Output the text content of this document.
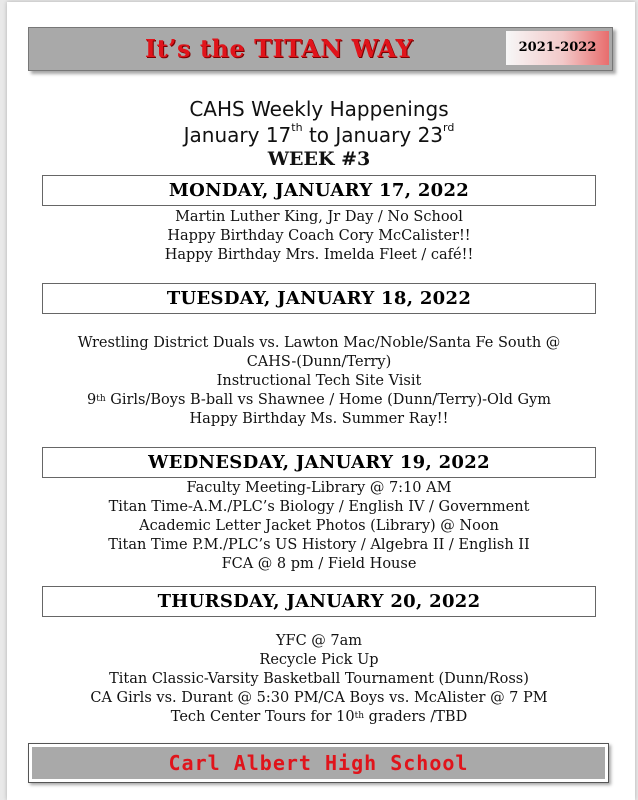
It’s the TITAN WAY	2021-2022
CAHS Weekly Happenings
January 17th to January 23rd
WEEK #3
MONDAY, JANUARY 17, 2022
Martin Luther King, Jr Day / No School
Happy Birthday Coach Cory McCalister!!
Happy Birthday Mrs. Imelda Fleet / café!!
TUESDAY, JANUARY 18, 2022
Wrestling District Duals vs. Lawton Mac/Noble/Santa Fe South @
CAHS-(Dunn/Terry)
Instructional Tech Site Visit
9th Girls/Boys B-ball vs Shawnee / Home (Dunn/Terry)-Old Gym
Happy Birthday Ms. Summer Ray!!
WEDNESDAY, JANUARY 19, 2022
Faculty Meeting-Library @ 7:10 AM
Titan Time-A.M./PLC’s Biology / English IV / Government
Academic Letter Jacket Photos (Library) @ Noon
Titan Time P.M./PLC’s US History / Algebra II / English II
FCA @ 8 pm / Field House
THURSDAY, JANUARY 20, 2022
YFC @ 7am
Recycle Pick Up
Titan Classic-Varsity Basketball Tournament (Dunn/Ross)
CA Girls vs. Durant @ 5:30 PM/CA Boys vs. McAlister @ 7 PM
Tech Center Tours for 10th graders /TBD
Carl Albert High School
